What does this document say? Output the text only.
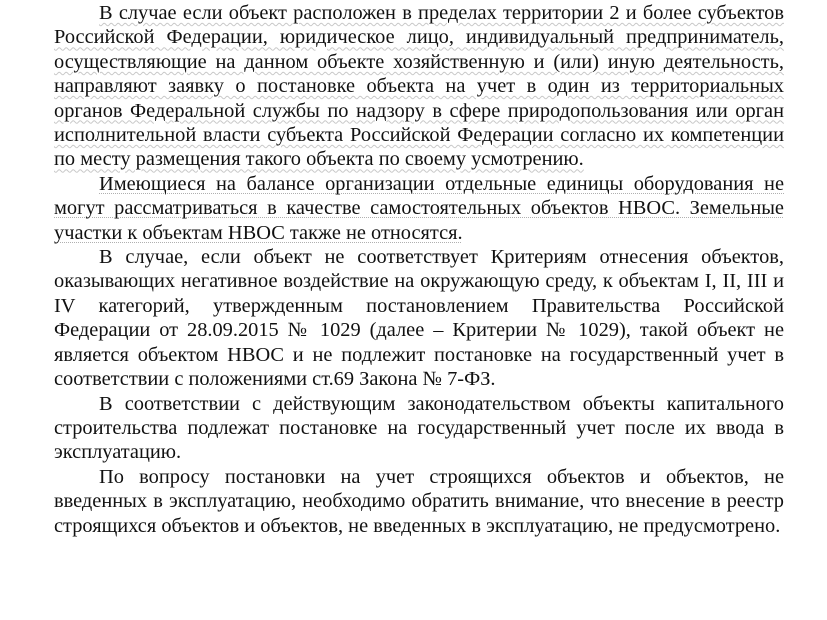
В случае если объект расположен в пределах территории 2 и более субъектов Российской Федерации, юридическое лицо, индивидуальный предприниматель, осуществляющие на данном объекте хозяйственную и (или) иную деятельность, направляют заявку о постановке объекта на учет в один из территориальных органов Федеральной службы по надзору в сфере природопользования или орган исполнительной власти субъекта Российской Федерации согласно их компетенции по месту размещения такого объекта по своему усмотрению.

Имеющиеся на балансе организации отдельные единицы оборудования не могут рассматриваться в качестве самостоятельных объектов НВОС. Земельные участки к объектам НВОС также не относятся.

В случае, если объект не соответствует Критериям отнесения объектов, оказывающих негативное воздействие на окружающую среду, к объектам I, II, III и IV категорий, утвержденным постановлением Правительства Российской Федерации от 28.09.2015 № 1029 (далее – Критерии № 1029), такой объект не является объектом НВОС и не подлежит постановке на государственный учет в соответствии с положениями ст.69 Закона № 7-ФЗ.

В соответствии с действующим законодательством объекты капитального строительства подлежат постановке на государственный учет после их ввода в эксплуатацию.

По вопросу постановки на учет строящихся объектов и объектов, не введенных в эксплуатацию, необходимо обратить внимание, что внесение в реестр строящихся объектов и объектов, не введенных в эксплуатацию, не предусмотрено.
